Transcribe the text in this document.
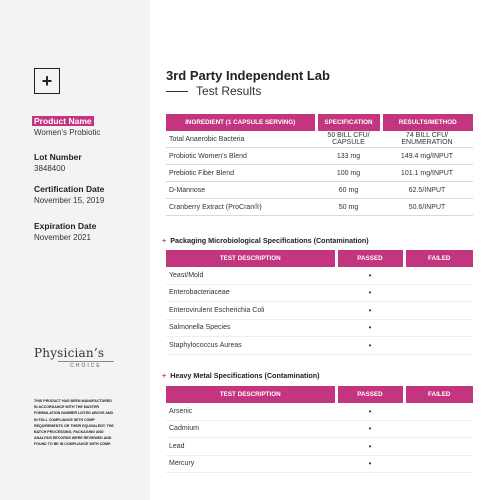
+
Product Name
Women’s Probiotic
Lot Number
3848400
Certification Date
November 15, 2019
Expiration Date
November 2021
Physician’s
CHOICE
THIS PRODUCT HAS BEEN MANUFACTURED IN ACCORDANCE WITH THE MASTER FORMULATION NUMBER LISTED ABOVE AND IN FULL COMPLIANCE WITH CGMP REQUIREMENTS OR THEIR EQUIVALENT. THE BATCH PROCESSING, PACKAGING AND ANALYSIS RECORDS WERE REVIEWED AND FOUND TO BE IN COMPLIANCE WITH CGMP.
3rd Party Independent Lab
Test Results
INGREDIENT (1 CAPSULE SERVING)	SPECIFICATION	RESULTS/METHOD
Total Anaerobic Bacteria	50 BILL CFU/ CAPSULE	74 BILL CFU/ ENUMERATION
Probiotic Women’s Blend	133 mg	149.4 mg/INPUT
Prebiotic Fiber Blend	100 mg	101.1 mg/INPUT
D-Mannose	60 mg	62.5/INPUT
Cranberry Extract (ProCran®)	50 mg	50.6/INPUT
+ Packaging Microbiological Specifications (Contamination)
TEST DESCRIPTION	PASSED	FAILED
Yeast/Mold	•	
Enterobacteriaceae	•	
Enterovirulent Escherichia Coli	•	
Salmonella Species	•	
Staphylococcus Aureas	•	
+ Heavy Metal Specifications (Contamination)
TEST DESCRIPTION	PASSED	FAILED
Arsenic	•	
Cadmium	•	
Lead	•	
Mercury	•	
